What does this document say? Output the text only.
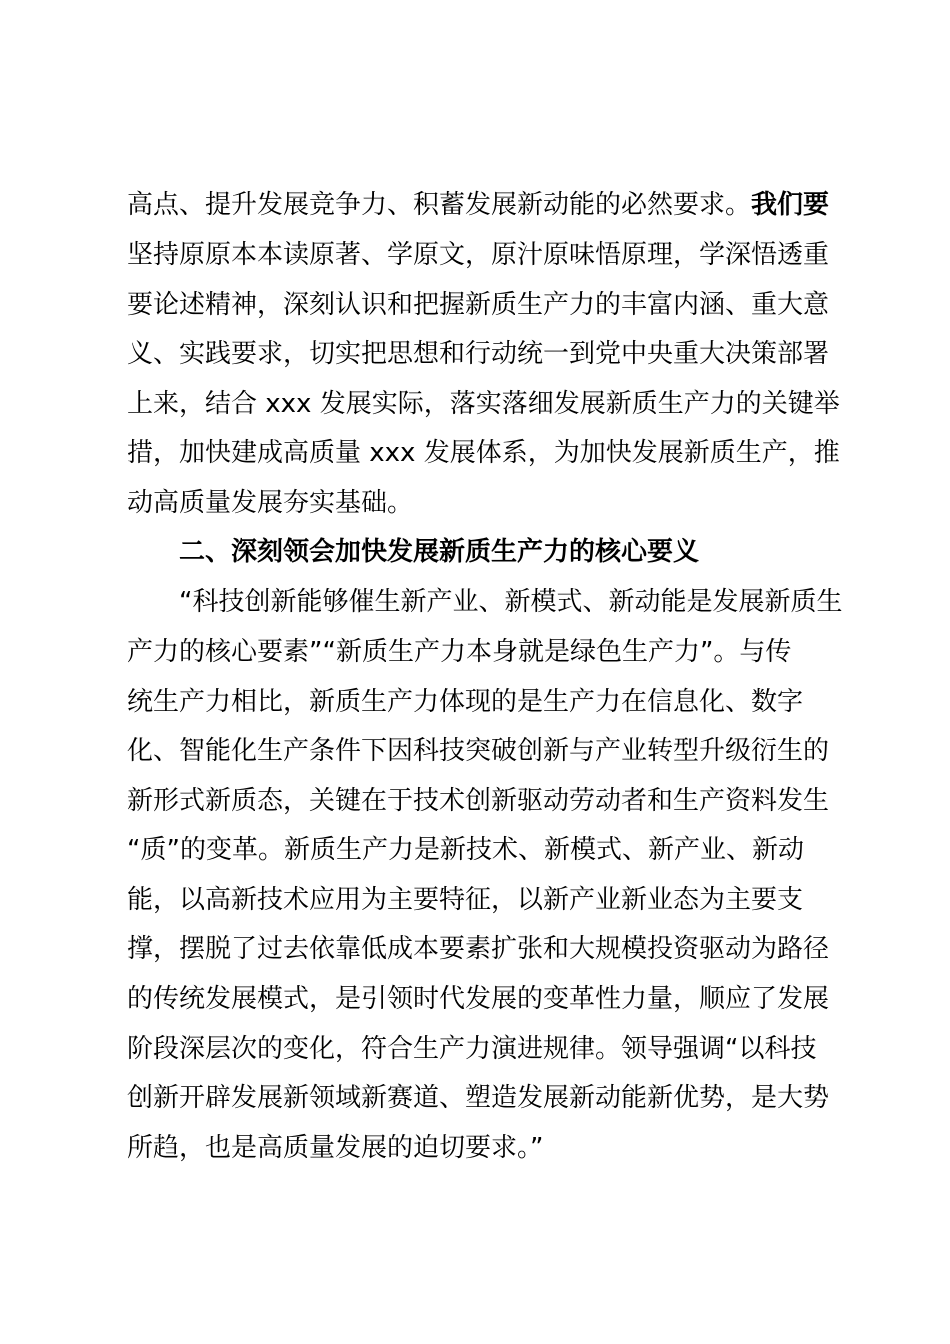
高点、提升发展竞争力、积蓄发展新动能的必然要求。我们要
坚持原原本本读原著、学原文，原汁原味悟原理，学深悟透重
要论述精神，深刻认识和把握新质生产力的丰富内涵、重大意
义、实践要求，切实把思想和行动统一到党中央重大决策部署
上来，结合 xxx 发展实际，落实落细发展新质生产力的关键举
措，加快建成高质量 xxx 发展体系，为加快发展新质生产，推
动高质量发展夯实基础。
二、深刻领会加快发展新质生产力的核心要义
“科技创新能够催生新产业、新模式、新动能是发展新质生
产力的核心要素”“新质生产力本身就是绿色生产力”。与传
统生产力相比，新质生产力体现的是生产力在信息化、数字
化、智能化生产条件下因科技突破创新与产业转型升级衍生的
新形式新质态，关键在于技术创新驱动劳动者和生产资料发生
“质”的变革。新质生产力是新技术、新模式、新产业、新动
能，以高新技术应用为主要特征，以新产业新业态为主要支
撑，摆脱了过去依靠低成本要素扩张和大规模投资驱动为路径
的传统发展模式，是引领时代发展的变革性力量，顺应了发展
阶段深层次的变化，符合生产力演进规律。领导强调“以科技
创新开辟发展新领域新赛道、塑造发展新动能新优势，是大势
所趋，也是高质量发展的迫切要求。”
